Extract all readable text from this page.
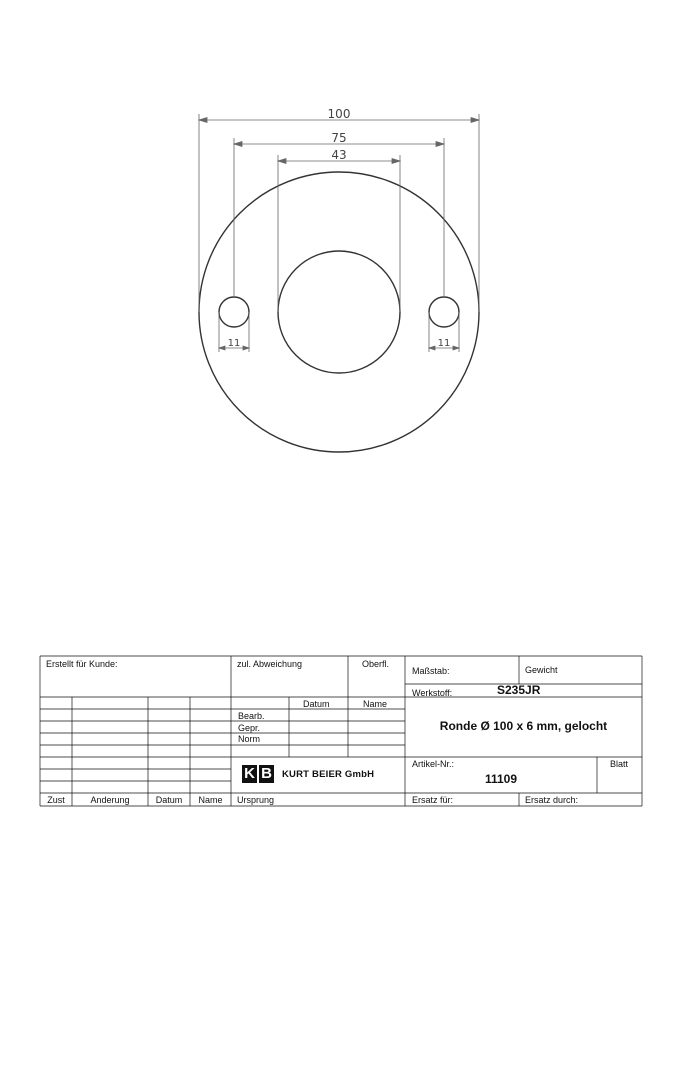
100
75
43
11	11
Erstellt für Kunde:	zul. Abweichung	Oberfl.
Maßstab:	Gewicht
Werkstoff:	S235JR
Datum	Name
Bearb.
Gepr.
Norm
Ronde Ø 100 x 6 mm, gelocht
Artikel-Nr.:
11109
Blatt
K B KURT BEIER GmbH
Zust	Anderung	Datum	Name	Ursprung	Ersatz für:	Ersatz durch:
